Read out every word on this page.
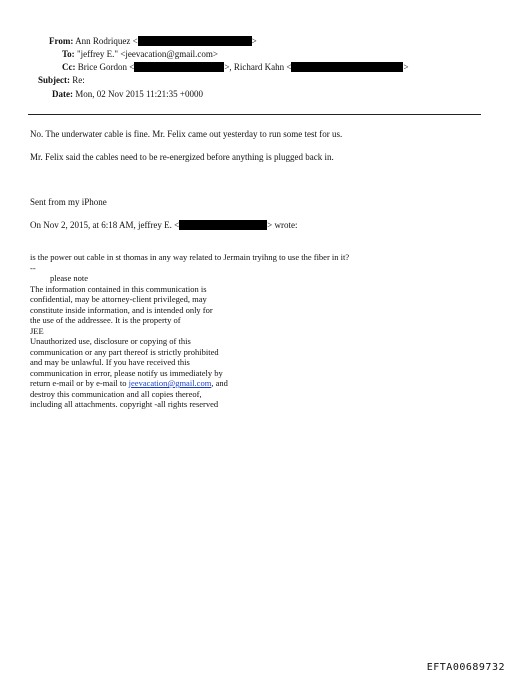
From: Ann Rodriquez <	>
To: "jeffrey E." <jeevacation@gmail.com>
Cc: Brice Gordon <	>, Richard Kahn <	>
Subject: Re:
Date: Mon, 02 Nov 2015 11:21:35 +0000
No. The underwater cable is fine. Mr. Felix came out yesterday to run some test for us.
Mr. Felix said the cables need to be re-energized before anything is plugged back in.
Sent from my iPhone
On Nov 2, 2015, at 6:18 AM, jeffrey E. <	> wrote:
is the power out cable in st thomas in any way related to Jermain tryihng to use the fiber in it?
--
please note
The information contained in this communication is
confidential, may be attorney-client privileged, may
constitute inside information, and is intended only for
the use of the addressee. It is the property of
JEE
Unauthorized use, disclosure or copying of this
communication or any part thereof is strictly prohibited
and may be unlawful. If you have received this
communication in error, please notify us immediately by
return e-mail or by e-mail to jeevacation@gmail.com, and
destroy this communication and all copies thereof,
including all attachments. copyright -all rights reserved
EFTA00689732
